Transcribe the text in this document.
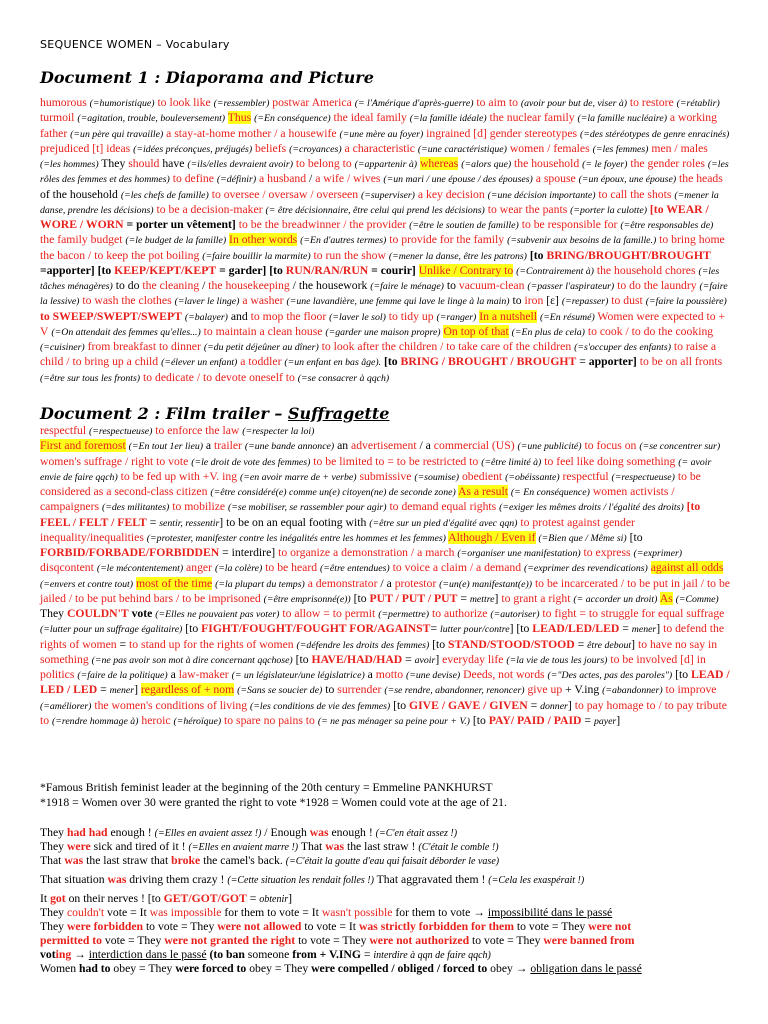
SEQUENCE WOMEN – Vocabulary
Document 1 : Diaporama and Picture
humorous (=humoristique) to look like (=ressembler) postwar America (= l'Amérique d'après-guerre) to aim to (avoir pour but de, viser à) to restore (=rétablir) turmoil (=agitation, trouble, bouleversement) Thus (=En conséquence) the ideal family (=la famille idéale) the nuclear family (=la famille nucléaire) a working father (=un père qui travaille) a stay-at-home mother / a housewife (=une mère au foyer) ingrained [d] gender stereotypes (=des stéréotypes de genre enracinés) prejudiced [t] ideas (=idées préconçues, préjugés) beliefs (=croyances) a characteristic (=une caractéristique) women / females (=les femmes) men / males (=les hommes) They should have (=ils/elles devraient avoir) to belong to (=appartenir à) whereas (=alors que) the household (= le foyer) the gender roles (=les rôles des femmes et des hommes) to define (=définir) a husband / a wife / wives (=un mari / une épouse / des épouses) a spouse (=un époux, une épouse) the heads of the household (=les chefs de famille) to oversee / oversaw / overseen (=superviser) a key decision (=une décision importante) to call the shots (=mener la danse, prendre les décisions) to be a decision-maker (= être décisionnaire, être celui qui prend les décisions) to wear the pants (=porter la culotte) [to WEAR / WORE / WORN = porter un vêtement] to be the breadwinner / the provider (=être le soutien de famille) to be responsible for (=être responsables de) the family budget (=le budget de la famille) In other words (=En d'autres termes) to provide for the family (=subvenir aux besoins de la famille.) to bring home the bacon / to keep the pot boiling (=faire bouillir la marmite) to run the show (=mener la danse, être les patrons) [to BRING/BROUGHT/BROUGHT =apporter] [to KEEP/KEPT/KEPT = garder] [to RUN/RAN/RUN = courir] Unlike / Contrary to (=Contrairement à) the household chores (=les tâches ménagères) to do the cleaning / the housekeeping / the housework (=faire le ménage) to vacuum-clean (=passer l'aspirateur) to do the laundry (=faire la lessive) to wash the clothes (=laver le linge) a washer (=une lavandière, une femme qui lave le linge à la main) to iron [ɛ] (=repasser) to dust (=faire la poussière) to SWEEP/SWEPT/SWEPT (=balayer) and to mop the floor (=laver le sol) to tidy up (=ranger) In a nutshell (=En résumé) Women were expected to + V (=On attendait des femmes qu'elles...) to maintain a clean house (=garder une maison propre) On top of that (=En plus de cela) to cook / to do the cooking (=cuisiner) from breakfast to dinner (=du petit déjeûner au dîner) to look after the children / to take care of the children (=s'occuper des enfants) to raise a child / to bring up a child (=élever un enfant) a toddler (=un enfant en bas âge). [to BRING / BROUGHT / BROUGHT = apporter] to be on all fronts (=être sur tous les fronts) to dedicate / to devote oneself to (=se consacrer à qqch)
Document 2 : Film trailer – Suffragette
respectful (=respectueuse) to enforce the law (=respecter la loi)
First and foremost (=En tout 1er lieu) a trailer (=une bande annonce) an advertisement / a commercial (US) (=une publicité) to focus on (=se concentrer sur) women's suffrage / right to vote (=le droit de vote des femmes) to be limited to = to be restricted to (=être limité à) to feel like doing something (= avoir envie de faire qqch) to be fed up with +V. ing (=en avoir marre de + verbe) submissive (=soumise) obedient (=obéissante) respectful (=respectueuse) to be considered as a second-class citizen (=être considéré(e) comme un(e) citoyen(ne) de seconde zone) As a result (= En conséquence) women activists / campaigners (=des militantes) to mobilize (=se mobiliser, se rassembler pour agir) to demand equal rights (=exiger les mêmes droits / l'égalité des droits) [to FEEL / FELT / FELT = sentir, ressentir] to be on an equal footing with (=être sur un pied d'égalité avec qqn) to protest against gender inequality/inequalities (=protester, manifester contre les inégalités entre les hommes et les femmes) Although / Even if (=Bien que / Même si) [to FORBID/FORBADE/FORBIDDEN = interdire] to organize a demonstration / a march (=organiser une manifestation) to express (=exprimer) disqcontent (=le mécontentement) anger (=la colère) to be heard (=être entendues) to voice a claim / a demand (=exprimer des revendications) against all odds (=envers et contre tout) most of the time (=la plupart du temps) a demonstrator / a protestor (=un(e) manifestant(e)) to be incarcerated / to be put in jail / to be jailed / to be put behind bars / to be imprisoned (=être emprisonné(e)) [to PUT / PUT / PUT = mettre] to grant a right (= accorder un droit) As (=Comme) They COULDN'T vote (=Elles ne pouvaient pas voter) to allow = to permit (=permettre) to authorize (=autoriser) to fight = to struggle for equal suffrage (=lutter pour un suffrage égalitaire) [to FIGHT/FOUGHT/FOUGHT FOR/AGAINST= lutter pour/contre] [to LEAD/LED/LED = mener] to defend the rights of women = to stand up for the rights of women (=défendre les droits des femmes) [to STAND/STOOD/STOOD = être debout] to have no say in something (=ne pas avoir son mot à dire concernant qqchose) [to HAVE/HAD/HAD = avoir] everyday life (=la vie de tous les jours) to be involved [d] in politics (=faire de la politique) a law-maker (= un législateur/une législatrice) a motto (=une devise) Deeds, not words (="Des actes, pas des paroles") [to LEAD / LED / LED = mener] regardless of + nom (=Sans se soucier de) to surrender (=se rendre, abandonner, renoncer) give up + V.ing (=abandonner) to improve (=améliorer) the women's conditions of living (=les conditions de vie des femmes) [to GIVE / GAVE / GIVEN = donner] to pay homage to / to pay tribute to (=rendre hommage à) heroic (=héroïque) to spare no pains to (= ne pas ménager sa peine pour + V.) [to PAY/ PAID / PAID = payer]
*Famous British feminist leader at the beginning of the 20th century = Emmeline PANKHURST
*1918 = Women over 30 were granted the right to vote *1928 = Women could vote at the age of 21.
They had had enough ! (=Elles en avaient assez !) / Enough was enough ! (=C'en était assez !)
They were sick and tired of it ! (=Elles en avaient marre !) That was the last straw ! (C'était le comble !)
That was the last straw that broke the camel's back. (=C'était la goutte d'eau qui faisait déborder le vase)
That situation was driving them crazy ! (=Cette situation les rendait folles !) That aggravated them ! (=Cela les exaspérait !)
It got on their nerves ! [to GET/GOT/GOT = obtenir]
They couldn't vote = It was impossible for them to vote = It wasn't possible for them to vote → impossibilité dans le passé
They were forbidden to vote = They were not allowed to vote = It was strictly forbidden for them to vote = They were not
permitted to vote = They were not granted the right to vote = They were not authorized to vote = They were banned from
voting → interdiction dans le passé (to ban someone from + V.ING = interdire à qqn de faire qqch)
Women had to obey = They were forced to obey = They were compelled / obliged / forced to obey → obligation dans le passé
